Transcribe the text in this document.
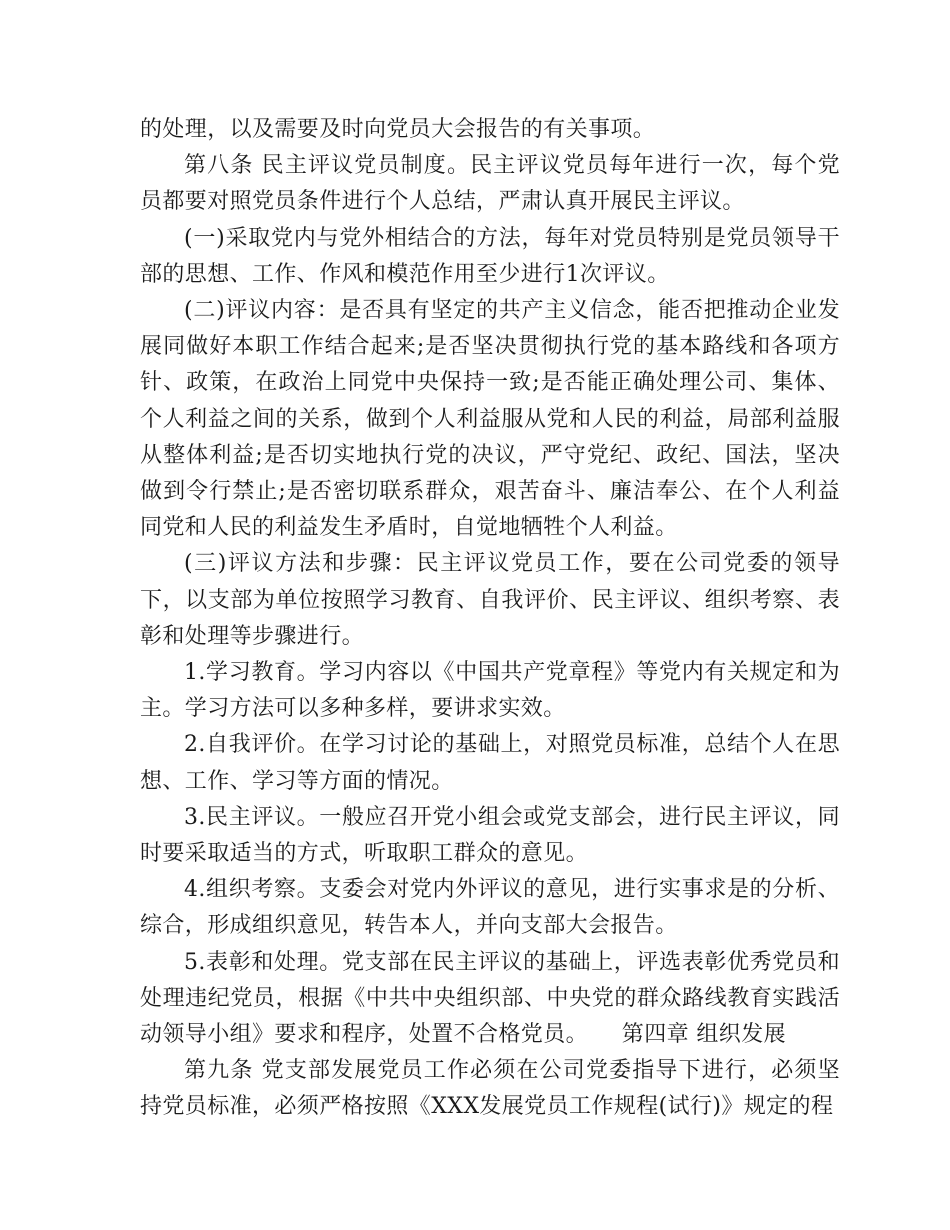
的处理，以及需要及时向党员大会报告的有关事项。

第八条 民主评议党员制度。民主评议党员每年进行一次，每个党员都要对照党员条件进行个人总结，严肃认真开展民主评议。

(一)采取党内与党外相结合的方法，每年对党员特别是党员领导干部的思想、工作、作风和模范作用至少进行1次评议。

(二)评议内容：是否具有坚定的共产主义信念，能否把推动企业发展同做好本职工作结合起来;是否坚决贯彻执行党的基本路线和各项方针、政策，在政治上同党中央保持一致;是否能正确处理公司、集体、个人利益之间的关系，做到个人利益服从党和人民的利益，局部利益服从整体利益;是否切实地执行党的决议，严守党纪、政纪、国法，坚决做到令行禁止;是否密切联系群众，艰苦奋斗、廉洁奉公、在个人利益同党和人民的利益发生矛盾时，自觉地牺牲个人利益。

(三)评议方法和步骤：民主评议党员工作，要在公司党委的领导下，以支部为单位按照学习教育、自我评价、民主评议、组织考察、表彰和处理等步骤进行。

1.学习教育。学习内容以《中国共产党章程》等党内有关规定和为主。学习方法可以多种多样，要讲求实效。

2.自我评价。在学习讨论的基础上，对照党员标准，总结个人在思想、工作、学习等方面的情况。

3.民主评议。一般应召开党小组会或党支部会，进行民主评议，同时要采取适当的方式，听取职工群众的意见。

4.组织考察。支委会对党内外评议的意见，进行实事求是的分析、综合，形成组织意见，转告本人，并向支部大会报告。

5.表彰和处理。党支部在民主评议的基础上，评选表彰优秀党员和处理违纪党员，根据《中共中央组织部、中央党的群众路线教育实践活动领导小组》要求和程序，处置不合格党员。　　第四章 组织发展

第九条 党支部发展党员工作必须在公司党委指导下进行，必须坚持党员标准，必须严格按照《XXX发展党员工作规程(试行)》规定的程
